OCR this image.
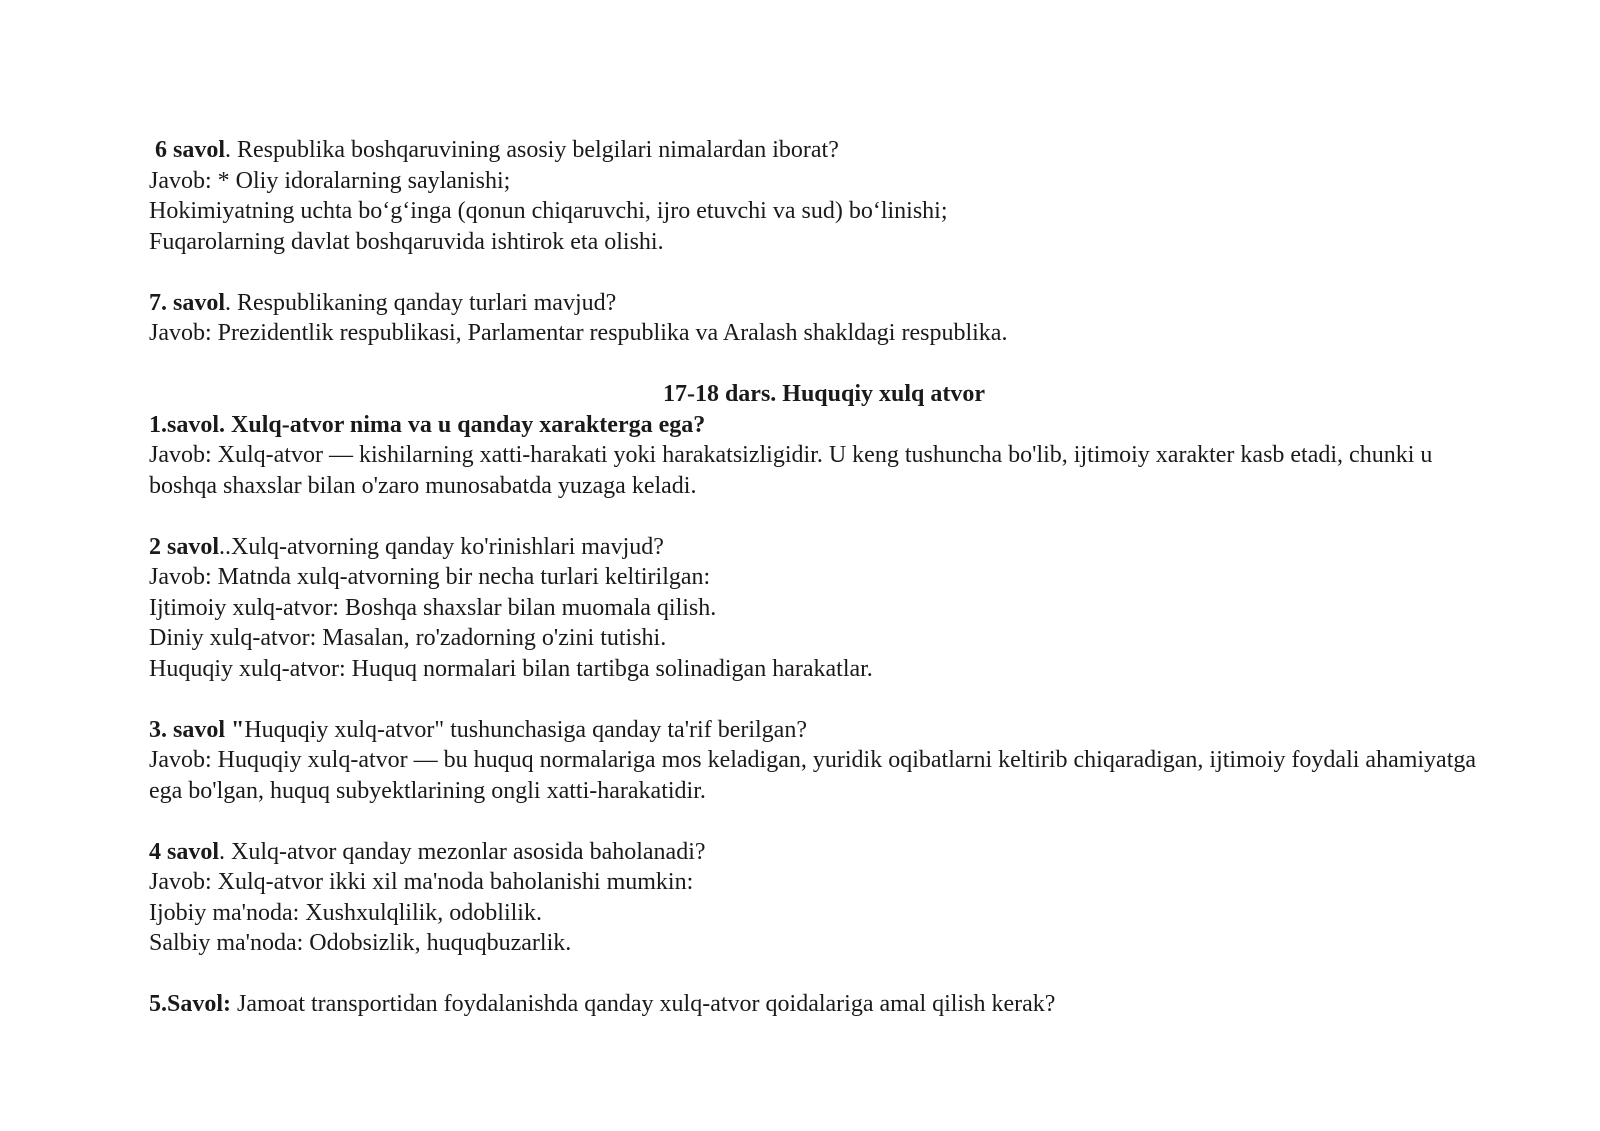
6 savol. Respublika boshqaruvining asosiy belgilari nimalardan iborat?
Javob: * Oliy idoralarning saylanishi;
Hokimiyatning uchta bo‘g‘inga (qonun chiqaruvchi, ijro etuvchi va sud) bo‘linishi;
Fuqarolarning davlat boshqaruvida ishtirok eta olishi.
7. savol. Respublikaning qanday turlari mavjud?
Javob: Prezidentlik respublikasi, Parlamentar respublika va Aralash shakldagi respublika.
17-18 dars. Huquqiy xulq atvor
1.savol. Xulq-atvor nima va u qanday xarakterga ega?
Javob: Xulq-atvor — kishilarning xatti-harakati yoki harakatsizligidir. U keng tushuncha bo'lib, ijtimoiy xarakter kasb etadi, chunki u boshqa shaxslar bilan o'zaro munosabatda yuzaga keladi.
2 savol..Xulq-atvorning qanday ko'rinishlari mavjud?
Javob: Matnda xulq-atvorning bir necha turlari keltirilgan:
Ijtimoiy xulq-atvor: Boshqa shaxslar bilan muomala qilish.
Diniy xulq-atvor: Masalan, ro'zadorning o'zini tutishi.
Huquqiy xulq-atvor: Huquq normalari bilan tartibga solinadigan harakatlar.
3. savol "Huquqiy xulq-atvor" tushunchasiga qanday ta'rif berilgan?
Javob: Huquqiy xulq-atvor — bu huquq normalariga mos keladigan, yuridik oqibatlarni keltirib chiqaradigan, ijtimoiy foydali ahamiyatga ega bo'lgan, huquq subyektlarining ongli xatti-harakatidir.
4 savol. Xulq-atvor qanday mezonlar asosida baholanadi?
Javob: Xulq-atvor ikki xil ma'noda baholanishi mumkin:
Ijobiy ma'noda: Xushxulqlilik, odoblilik.
Salbiy ma'noda: Odobsizlik, huquqbuzarlik.
5.Savol: Jamoat transportidan foydalanishda qanday xulq-atvor qoidalariga amal qilish kerak?
